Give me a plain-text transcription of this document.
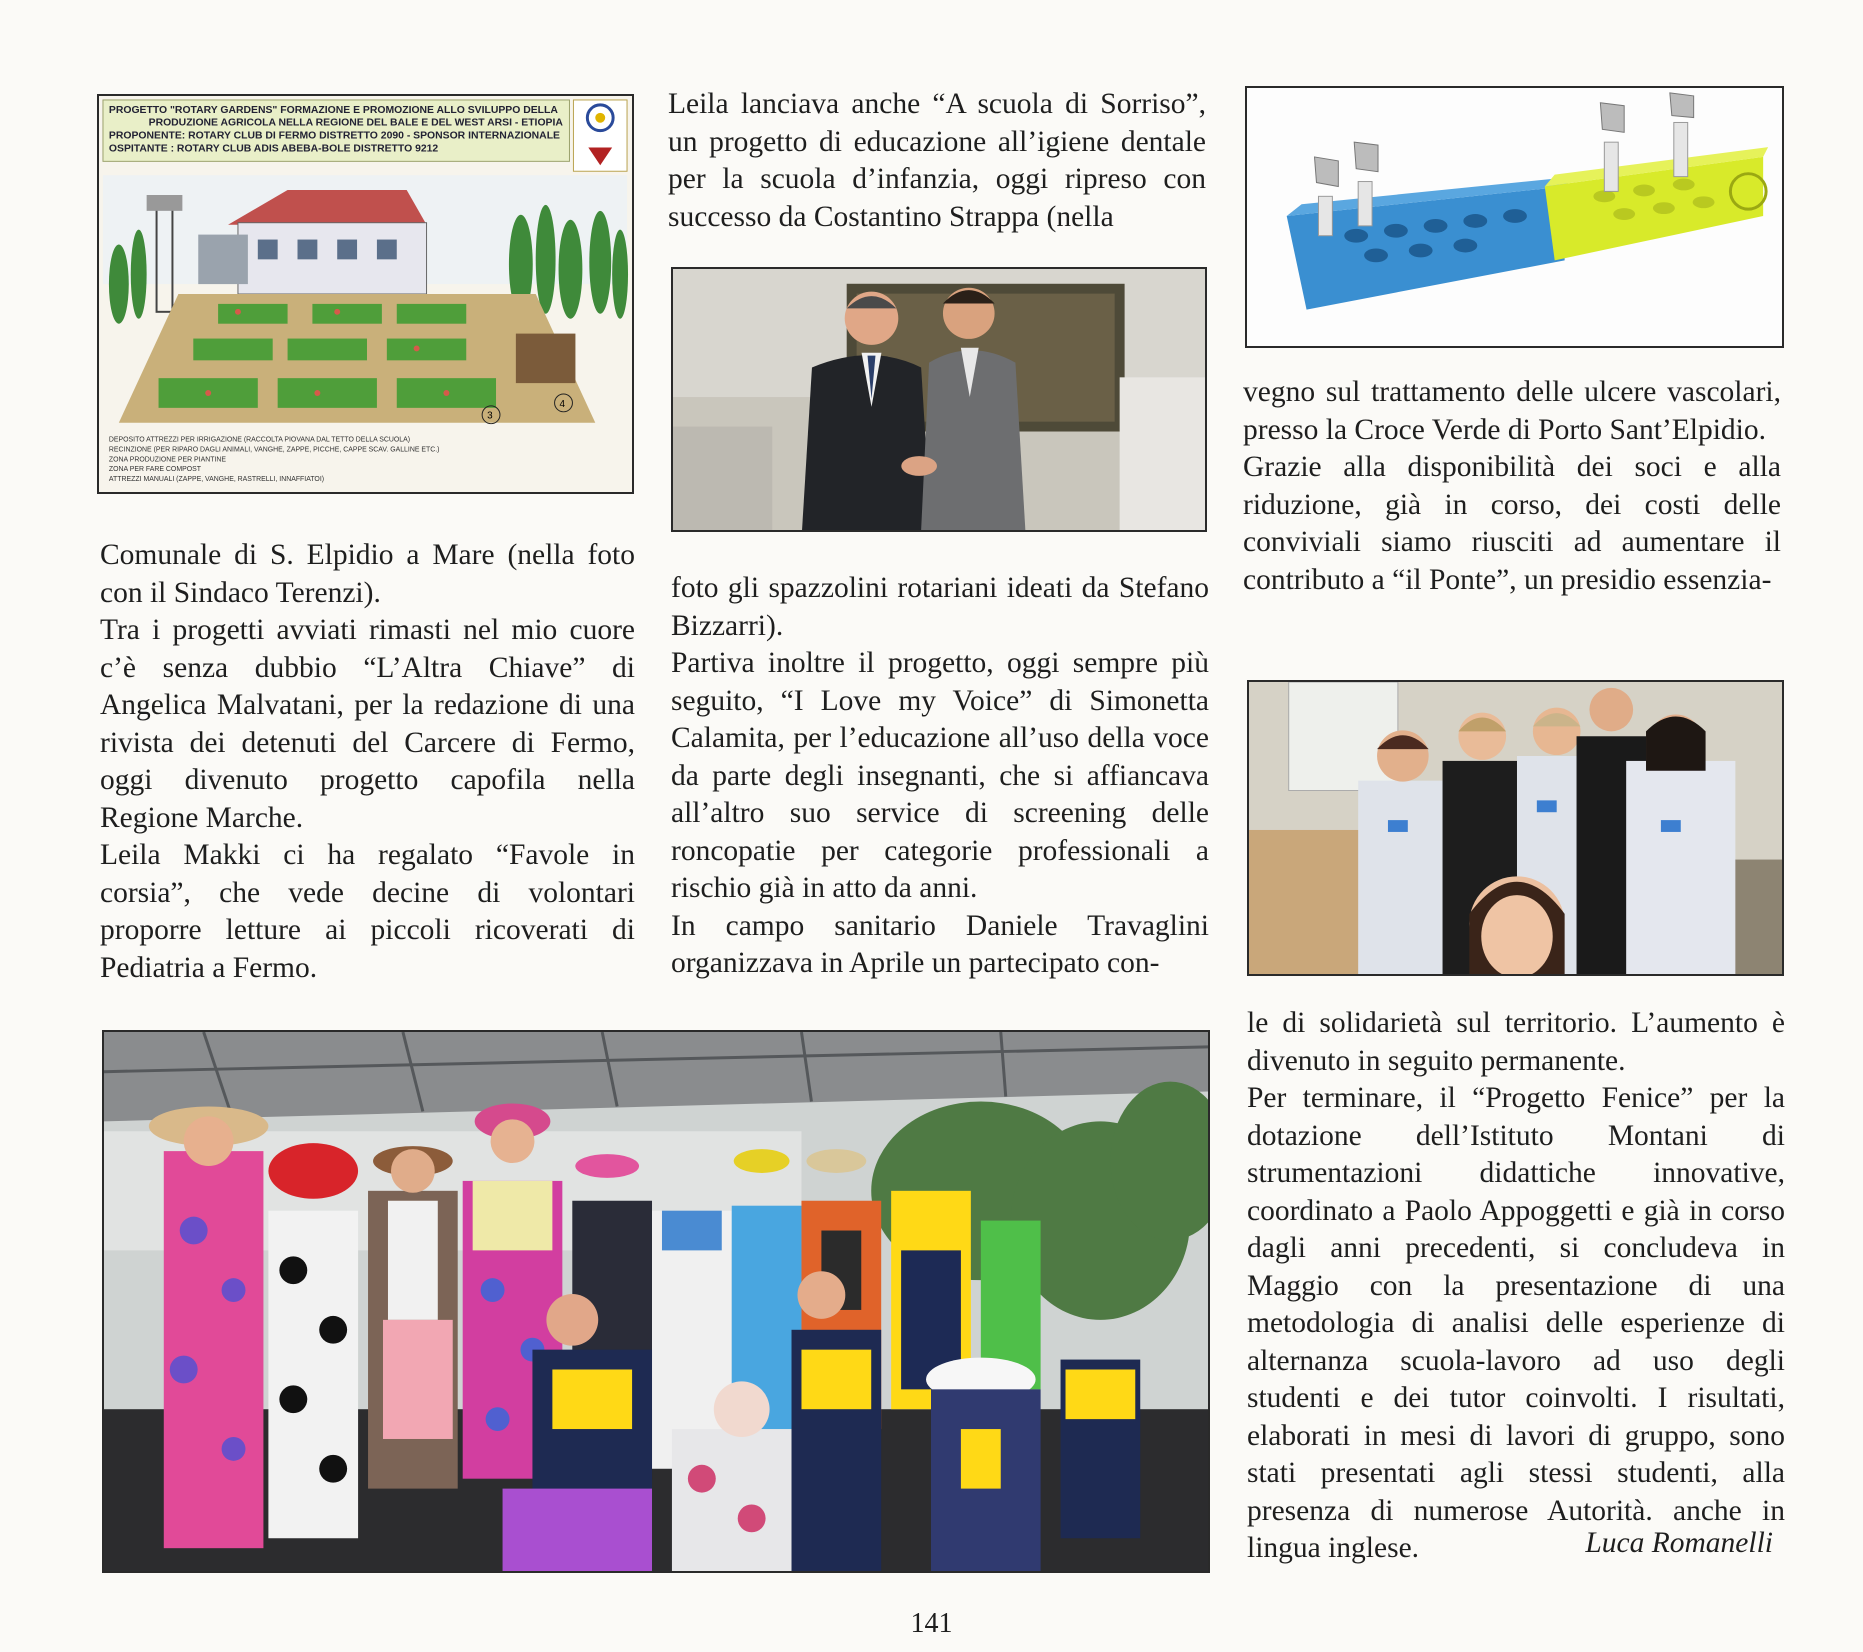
PROGETTO "ROTARY GARDENS" FORMAZIONE E PROMOZIONE ALLO SVILUPPO DELLA
PRODUZIONE AGRICOLA NELLA REGIONE DEL BALE E DEL WEST ARSI - ETIOPIA
PROPONENTE: ROTARY CLUB DI FERMO DISTRETTO 2090 - SPONSOR INTERNAZIONALE
OSPITANTE : ROTARY CLUB ADIS ABEBA-BOLE DISTRETTO 9212
4
3
DEPOSITO ATTREZZI PER IRRIGAZIONE (RACCOLTA PIOVANA DAL TETTO DELLA SCUOLA)
RECINZIONE (PER RIPARO DAGLI ANIMALI, VANGHE, ZAPPE, PICCHE, CAPPE SCAV. GALLINE ETC.)
ZONA PRODUZIONE PER PIANTINE
ZONA PER FARE COMPOST
ATTREZZI MANUALI (ZAPPE, VANGHE, RASTRELLI, INNAFFIATOI)

Comunale di S. Elpidio a Mare (nella foto con il Sindaco Terenzi).

Tra i progetti avviati rimasti nel mio cuore c’è senza dubbio “L’Altra Chiave” di Angelica Malvatani, per la redazione di una rivista dei detenuti del Carcere di Fermo, oggi divenuto progetto capofila nella Regione Marche.

Leila Makki ci ha regalato “Favole in corsia”, che vede decine di volontari proporre letture ai piccoli ricoverati di Pediatria a Fermo.

Leila lanciava anche “A scuola di Sorriso”, un progetto di educazione all’igiene dentale per la scuola d’infanzia, oggi ripreso con successo da Costantino Strappa (nella

foto gli spazzolini rotariani ideati da Stefano Bizzarri).

Partiva inoltre il progetto, oggi sempre più seguito, “I Love my Voice” di Simonetta Calamita, per l’educazione all’uso della voce da parte degli insegnanti, che si affiancava all’altro suo service di screening delle roncopatie per categorie professionali a rischio già in atto da anni.

In campo sanitario Daniele Travaglini organizzava in Aprile un partecipato con-

vegno sul trattamento delle ulcere vascolari, presso la Croce Verde di Porto Sant’Elpidio.

Grazie alla disponibilità dei soci e alla riduzione, già in corso, dei costi delle conviviali siamo riusciti ad aumentare il contributo a “il Ponte”, un presidio essenzia-

le di solidarietà sul territorio. L’aumento è divenuto in seguito permanente.

Per terminare, il “Progetto Fenice” per la dotazione dell’Istituto Montani di strumentazioni didattiche innovative, coordinato a Paolo Appoggetti e già in corso dagli anni precedenti, si concludeva in Maggio con la presentazione di una metodologia di analisi delle esperienze di alternanza scuola-lavoro ad uso degli studenti e dei tutor coinvolti. I risultati, elaborati in mesi di lavori di gruppo, sono stati presentati agli stessi studenti, alla presenza di numerose Autorità. anche in lingua inglese.	Luca Romanelli
141
